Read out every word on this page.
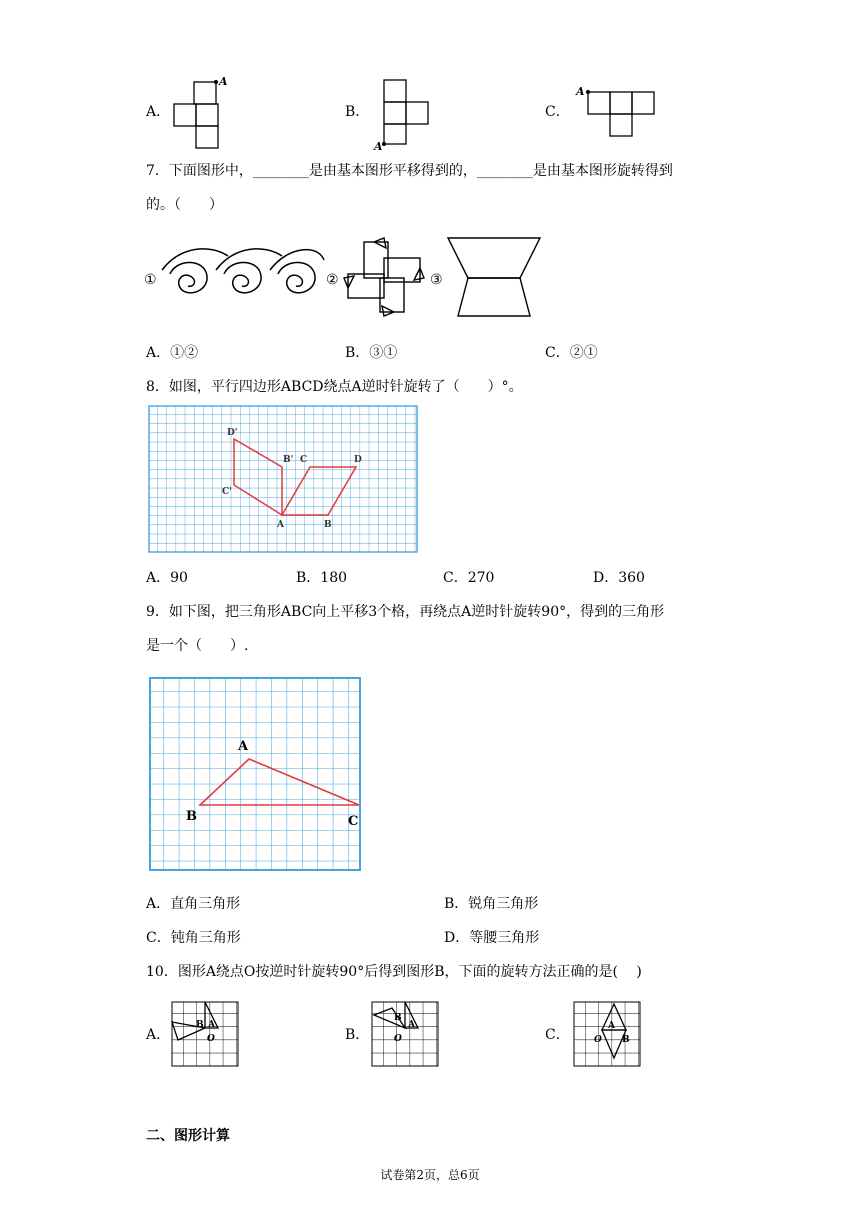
A．
A
B．
A
C．
A
7．下面图形中，________是由基本图形平移得到的，________是由基本图形旋转得到
的。（　　）
①	②	③
A．①②	B．③①	C．②①
8．如图，平行四边形ABCD绕点A逆时针旋转了（　　）°。
D'
B' C	D
C'
A	B
A．90	B．180	C．270	D．360
9．如下图，把三角形ABC向上平移3个格，再绕点A逆时针旋转90°，得到的三角形
是一个（　　）.
A
B	C
A．直角三角形	B．锐角三角形
C．钝角三角形	D．等腰三角形
10．图形A绕点O按逆时针旋转90°后得到图形B，下面的旋转方法正确的是(　 )
A．
B A
O	B．
B
A
O	C．
A
B
O
二、图形计算
试卷第2页，总6页
